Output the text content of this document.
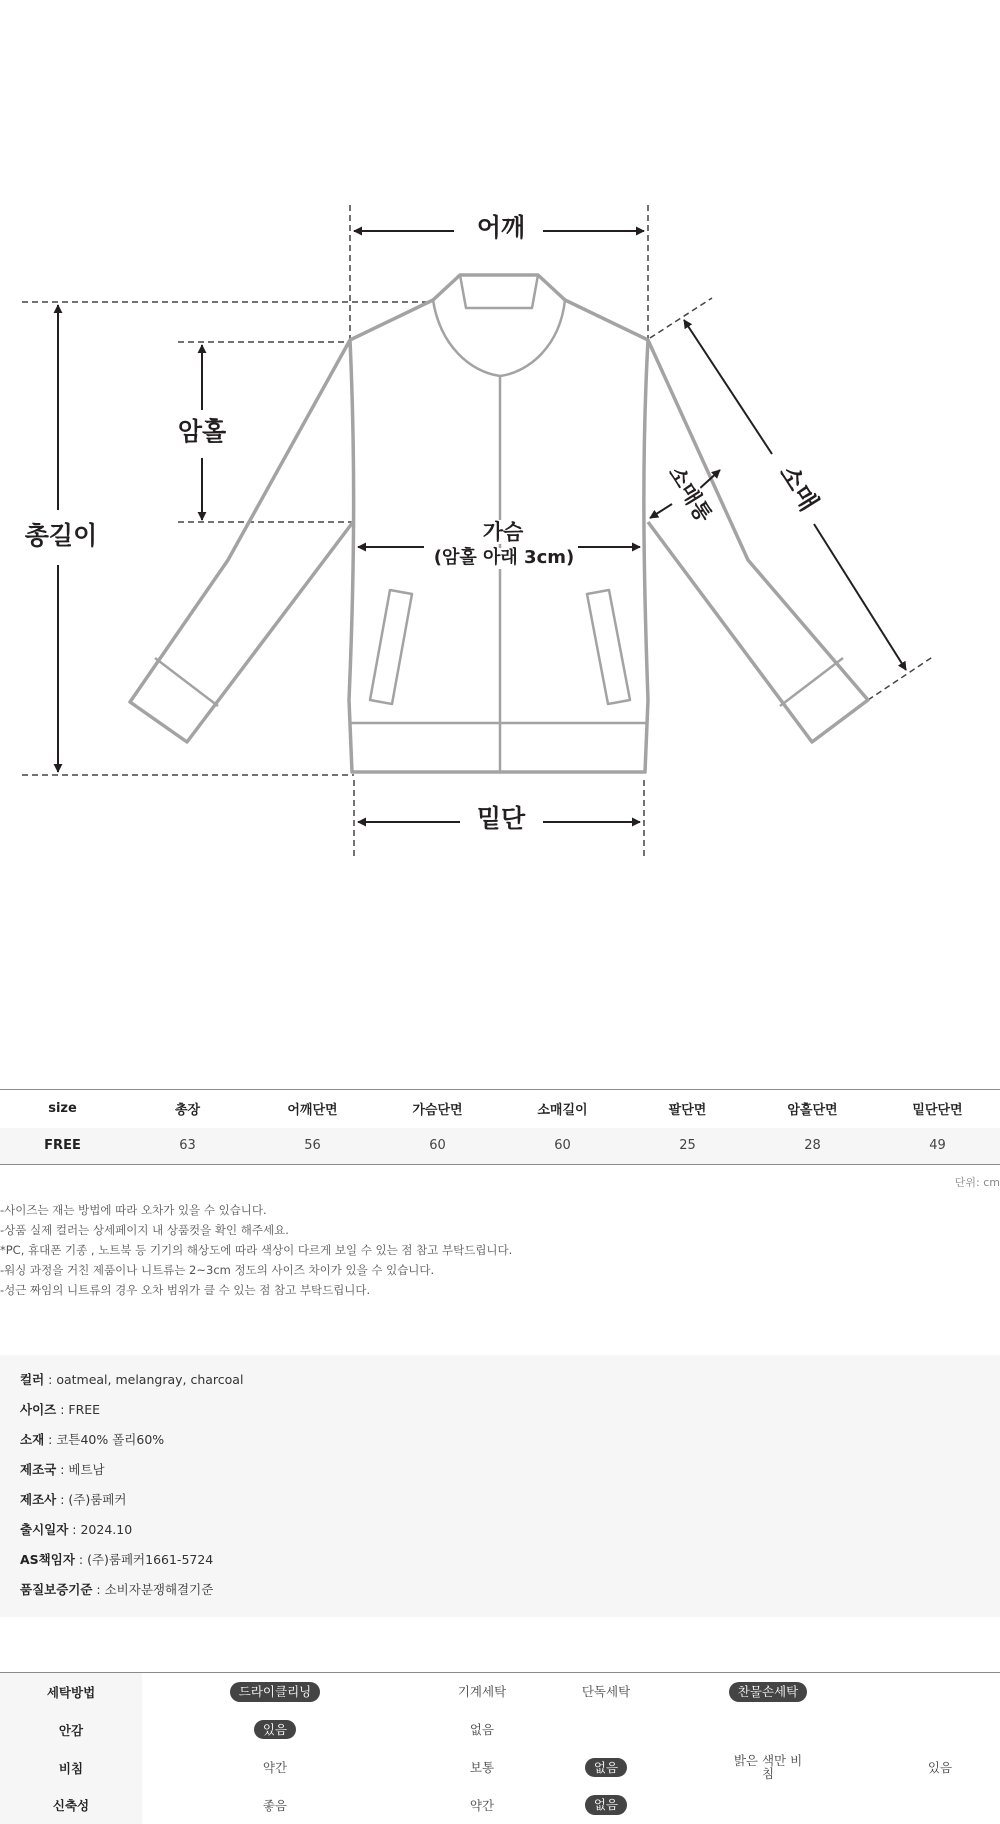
어깨
총길이
암홀
가슴
(암홀 아래 3cm)
밑단
소매
소매통
size	총장	어깨단면	가슴단면	소매길이	팔단면	암홀단면	밑단단면
FREE	63	56	60	60	25	28	49
단위: cm
-사이즈는 재는 방법에 따라 오차가 있을 수 있습니다.
-상품 실제 컬러는 상세페이지 내 상품컷을 확인 해주세요.
*PC, 휴대폰 기종 , 노트북 등 기기의 해상도에 따라 색상이 다르게 보일 수 있는 점 참고 부탁드립니다.
-워싱 과정을 거친 제품이나 니트류는 2~3cm 정도의 사이즈 차이가 있을 수 있습니다.
-성근 짜임의 니트류의 경우 오차 범위가 클 수 있는 점 참고 부탁드립니다.
컬러 : oatmeal, melangray, charcoal
사이즈 : FREE
소재 : 코튼40% 폴리60%
제조국 : 베트남
제조사 : (주)룸페커
출시일자 : 2024.10
AS책임자 : (주)룸페커1661-5724
품질보증기준 : 소비자분쟁해결기준
세탁방법	드라이클리닝	기계세탁	단독세탁	찬물손세탁	
안감	있음	없음			
비침	약간	보통	없음	밝은 색만 비침	있음
신축성	좋음	약간	없음		
